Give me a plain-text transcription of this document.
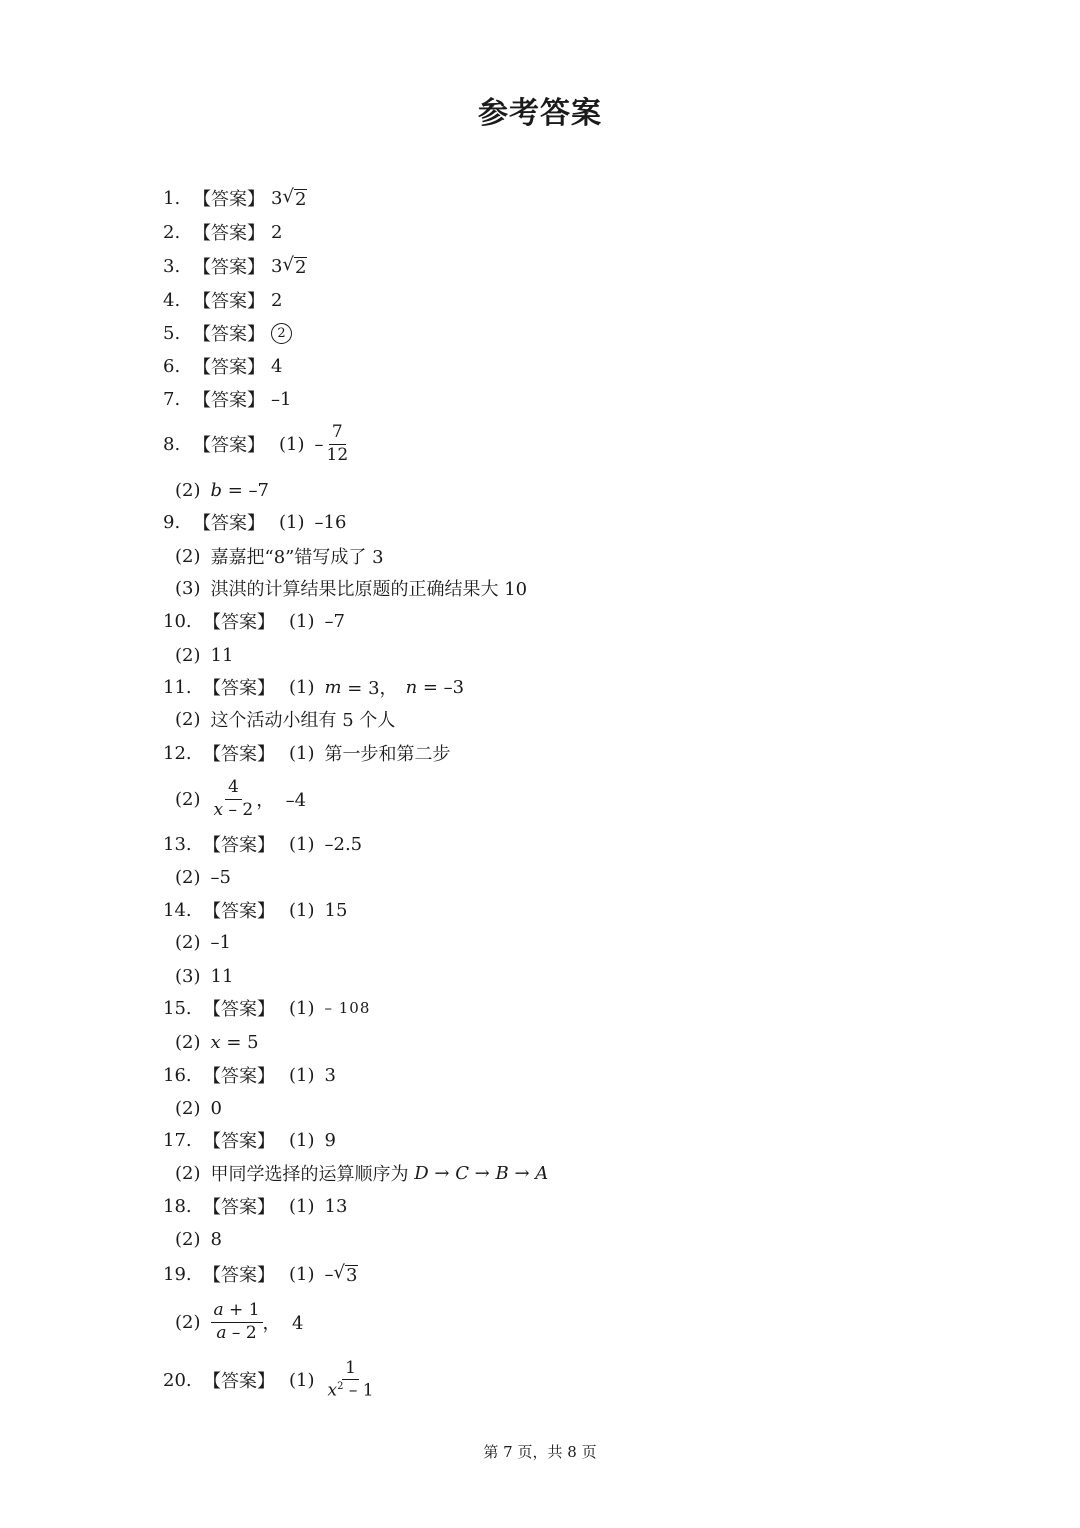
参考答案
1. 【答案】 3 √ 2
2. 【答案】 2
3. 【答案】 3 √ 2
4. 【答案】 2
5. 【答案】 2
6. 【答案】 4
7. 【答案】 –1
8. 【答案】 $(1) - \frac{7}{12}$
(2) b = –7
9. 【答案】 (1) –16
(2) 嘉嘉把“8”错写成了 3
(3) 淇淇的计算结果比原题的正确结果大 10
10. 【答案】 (1) –7
(2) 11
11. 【答案】 (1) m = 3， n = –3
(2) 这个活动小组有 5 个人
12. 【答案】 (1) 第一步和第二步
$(2) \frac{4}{x - 2}$ ，  –4
13. 【答案】 (1) –2.5
(2) –5
14. 【答案】 (1) 15
(2) –1
(3) 11
15. 【答案】 (1) – 108
(2) x = 5
16. 【答案】 (1) 3
(2) 0
17. 【答案】 (1) 9
(2) 甲同学选择的运算顺序为 D → C → B → A
18. 【答案】 (1) 13
(2) 8
19. 【答案】 (1) – √ 3
$(2) \frac{a + 1}{a - 2}$ ，  4
20. 【答案】 $(1) \frac{1}{x^2 - 1}$
第 7 页，共 8 页
